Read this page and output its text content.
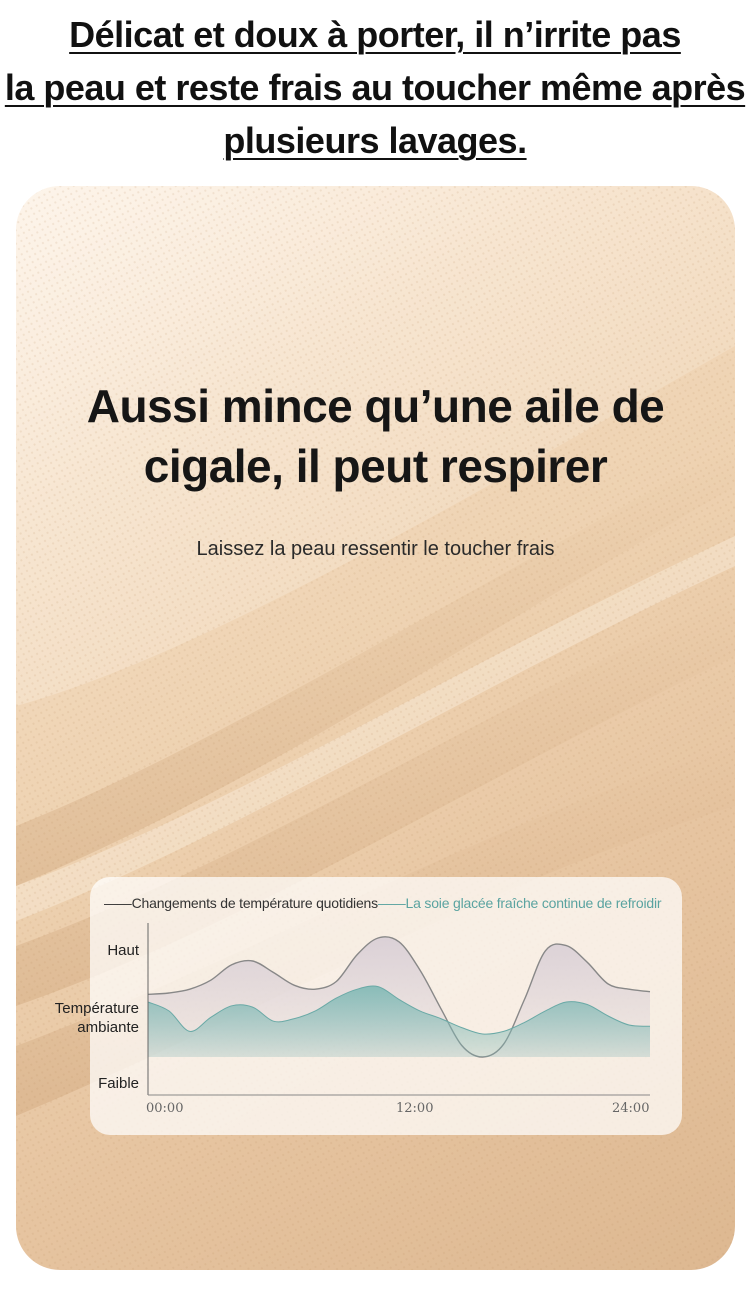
Délicat et doux à porter, il n’irrite pas
la peau et reste frais au toucher même après
plusieurs lavages.
Aussi mince qu’une aile de
cigale, il peut respirer
Laissez la peau ressentir le toucher frais
——Changements de température quotidiens——La soie glacée fraîche continue de refroidir
Haut
Température ambiante
Faible
00:00	12:00	24:00
